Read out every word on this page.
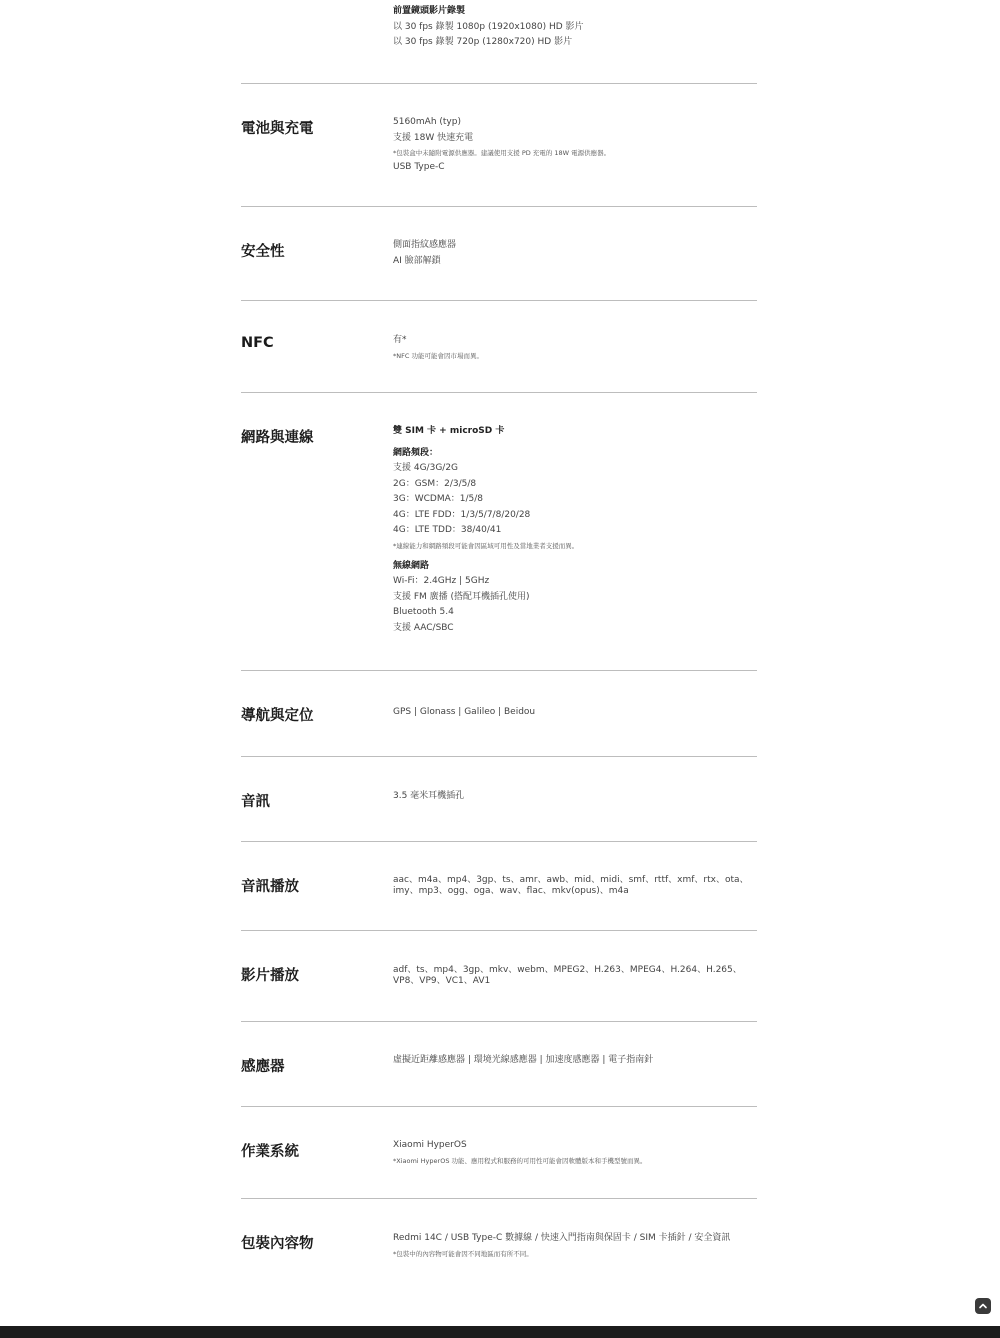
前置鏡頭影片錄製
以 30 fps 錄製 1080p (1920x1080) HD 影片
以 30 fps 錄製 720p (1280x720) HD 影片
電池與充電	5160mAh (typ)
支援 18W 快速充電
*包裝盒中未隨附電源供應器。建議使用支援 PD 充電的 18W 電源供應器。
USB Type-C
安全性	側面指紋感應器
AI 臉部解鎖
NFC	有*
*NFC 功能可能會因市場而異。
網路與連線	雙 SIM 卡 + microSD 卡
網路頻段：
支援 4G/3G/2G
2G：GSM：2/3/5/8
3G：WCDMA：1/5/8
4G：LTE FDD：1/3/5/7/8/20/28
4G：LTE TDD：38/40/41
*連線能力和網路頻段可能會因區域可用性及當地業者支援而異。
無線網路
Wi-Fi：2.4GHz | 5GHz
支援 FM 廣播 (搭配耳機插孔使用)
Bluetooth 5.4
支援 AAC/SBC
導航與定位	GPS | Glonass | Galileo | Beidou
音訊	3.5 毫米耳機插孔
音訊播放	aac、m4a、mp4、3gp、ts、amr、awb、mid、midi、smf、rttf、xmf、rtx、ota、imy、mp3、ogg、oga、wav、flac、mkv(opus)、m4a
影片播放	adf、ts、mp4、3gp、mkv、webm、MPEG2、H.263、MPEG4、H.264、H.265、VP8、VP9、VC1、AV1
感應器	虛擬近距離感應器 | 環境光線感應器 | 加速度感應器 | 電子指南針
作業系統	Xiaomi HyperOS
*Xiaomi HyperOS 功能、應用程式和服務的可用性可能會因軟體版本和手機型號而異。
包裝內容物	Redmi 14C / USB Type-C 數據線 / 快速入門指南與保固卡 / SIM 卡插針 / 安全資訊
*包裝中的內容物可能會因不同地區而有所不同。
